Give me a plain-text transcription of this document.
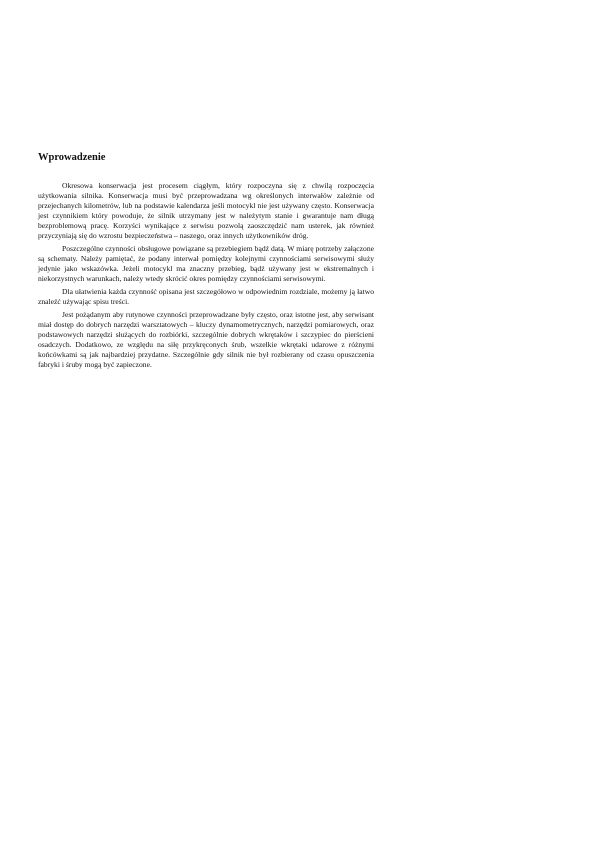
Wprowadzenie

Okresowa konserwacja jest procesem ciągłym, który rozpoczyna się z chwilą rozpoczęcia użytkowania silnika. Konserwacja musi być przeprowadzana wg określonych interwałów zależnie od przejechanych kilometrów, lub na podstawie kalendarza jeśli motocykl nie jest używany często. Konserwacja jest czynnikiem który powoduje, że silnik utrzymany jest w należytym stanie i gwarantuje nam długą bezproblemową pracę. Korzyści wynikające z serwisu pozwolą zaoszczędzić nam usterek, jak również przyczyniają się do wzrostu bezpieczeństwa – naszego, oraz innych użytkowników dróg.

Poszczególne czynności obsługowe powiązane są przebiegiem bądź datą. W miarę potrzeby załączone są schematy. Należy pamiętać, że podany interwał pomiędzy kolejnymi czynnościami serwisowymi służy jedynie jako wskazówka. Jeżeli motocykl ma znaczny przebieg, bądź używany jest w ekstremalnych i niekorzystnych warunkach, należy wtedy skrócić okres pomiędzy czynnościami serwisowymi.

Dla ułatwienia każda czynność opisana jest szczegółowo w odpowiednim rozdziale, możemy ją łatwo znaleźć używając spisu treści.

Jest pożądanym aby rutynowe czynności przeprowadzane były często, oraz istotne jest, aby serwisant miał dostęp do dobrych narzędzi warsztatowych – kluczy dynamometrycznych, narzędzi pomiarowych, oraz podstawowych narzędzi służących do rozbiórki, szczególnie dobrych wkrętaków i szczypiec do pierścieni osadczych. Dodatkowo, ze względu na siłę przykręconych śrub, wszelkie wkrętaki udarowe z różnymi końcówkami są jak najbardziej przydatne. Szczególnie gdy silnik nie był rozbierany od czasu opuszczenia fabryki i śruby mogą być zapieczone.
